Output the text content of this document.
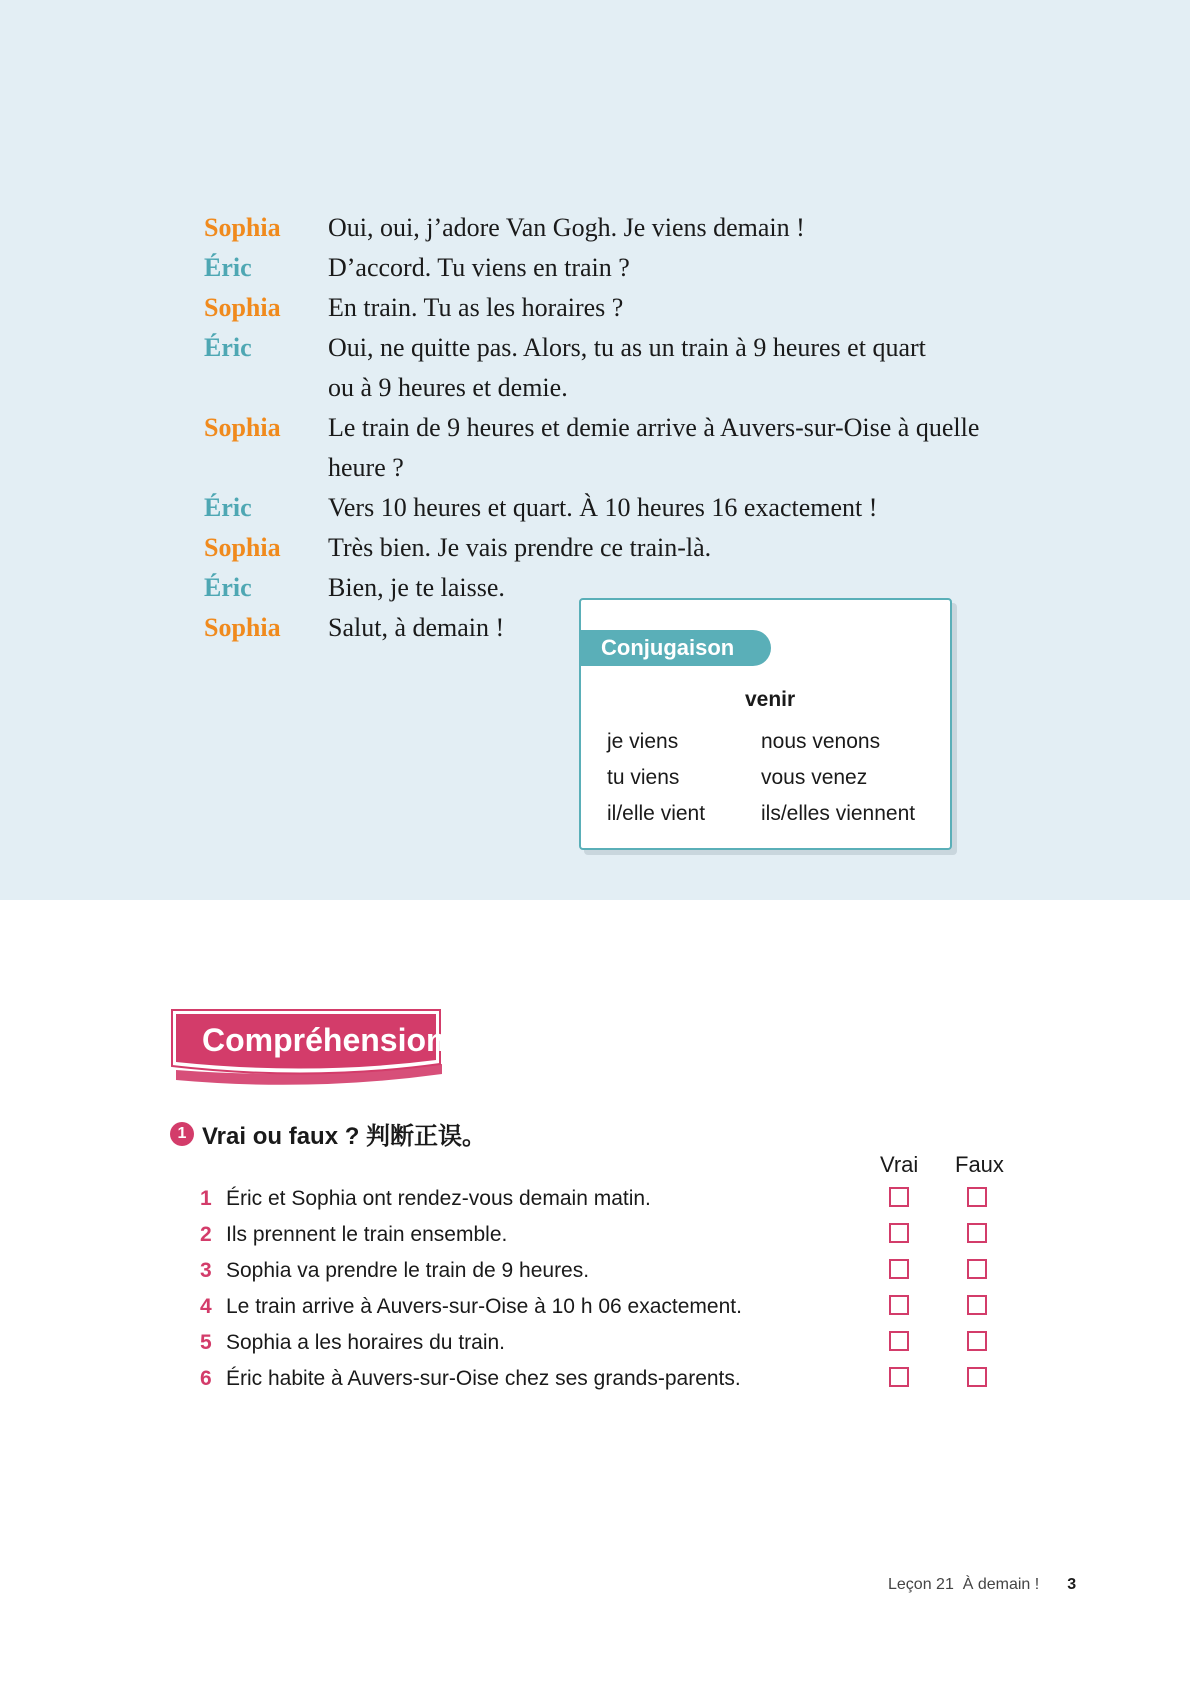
Sophia	Oui, oui, j’adore Van Gogh. Je viens demain !
Éric	D’accord. Tu viens en train ?
Sophia	En train. Tu as les horaires ?
Éric	Oui, ne quitte pas. Alors, tu as un train à 9 heures et quart ou à 9 heures et demie.
Sophia	Le train de 9 heures et demie arrive à Auvers-sur-Oise à quelle heure ?
Éric	Vers 10 heures et quart. À 10 heures 16 exactement !
Sophia	Très bien. Je vais prendre ce train-là.
Éric	Bien, je te laisse.
Sophia	Salut, à demain !
Conjugaison
venir
je viens	nous venons
tu viens	vous venez
il/elle vient	ils/elles viennent
Compréhension
1 Vrai ou faux ? 判断正误。
Vrai Faux
1 Éric et Sophia ont rendez-vous demain matin.
2 Ils prennent le train ensemble.
3 Sophia va prendre le train de 9 heures.
4 Le train arrive à Auvers-sur-Oise à 10 h 06 exactement.
5 Sophia a les horaires du train.
6 Éric habite à Auvers-sur-Oise chez ses grands-parents.
Leçon 21  À demain ! 3
